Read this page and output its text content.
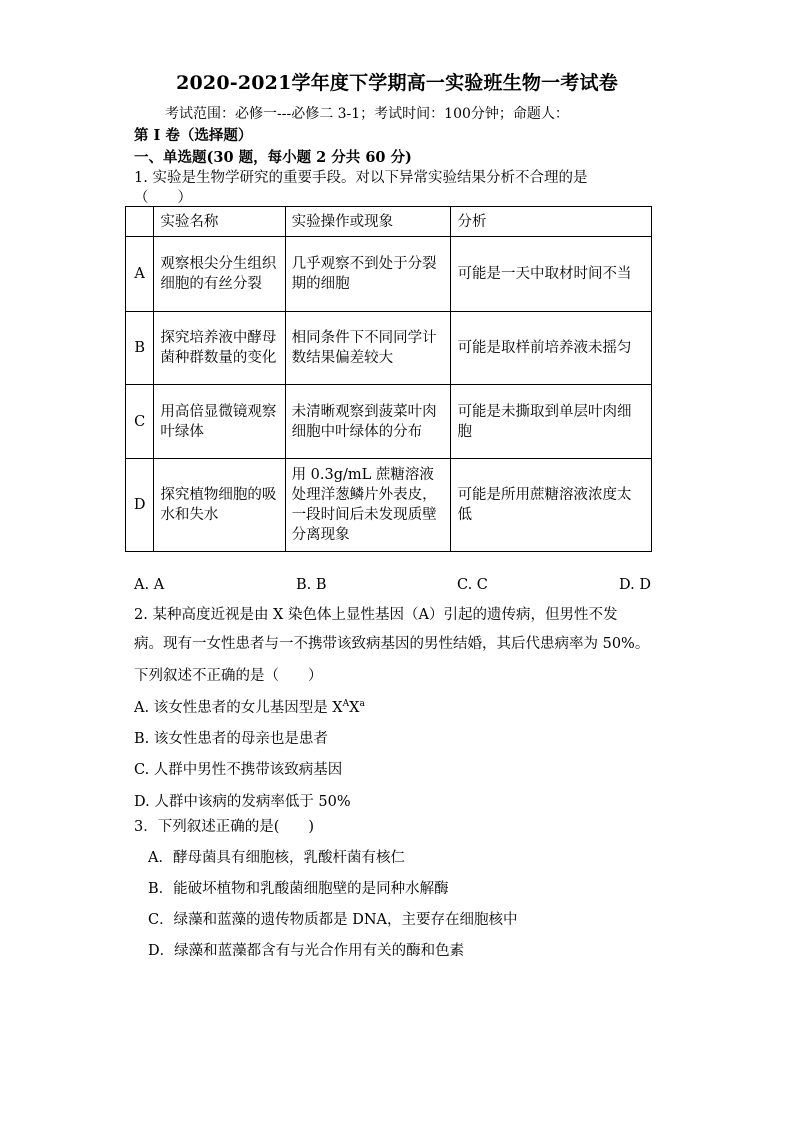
2020-2021学年度下学期高一实验班生物一考试卷
考试范围：必修一---必修二 3-1；考试时间：100分钟；命题人：
第 I 卷（选择题）
一、单选题(30 题，每小题 2 分共 60 分)
1. 实验是生物学研究的重要手段。对以下异常实验结果分析不合理的是
（　　）
	实验名称	实验操作或现象	分析
A	观察根尖分生组织细胞的有丝分裂	几乎观察不到处于分裂期的细胞	可能是一天中取材时间不当
B	探究培养液中酵母菌种群数量的变化	相同条件下不同同学计数结果偏差较大	可能是取样前培养液未摇匀
C	用高倍显微镜观察叶绿体	未清晰观察到菠菜叶肉细胞中叶绿体的分布	可能是未撕取到单层叶肉细胞
D	探究植物细胞的吸水和失水	用 0.3g/mL 蔗糖溶液处理洋葱鳞片外表皮，一段时间后未发现质壁分离现象	可能是所用蔗糖溶液浓度太低
A. A	B. B	C. C	D. D
2. 某种高度近视是由 X 染色体上显性基因（A）引起的遗传病，但男性不发
病。现有一女性患者与一不携带该致病基因的男性结婚，其后代患病率为 50%。
下列叙述不正确的是（　　）
A. 该女性患者的女儿基因型是 $X^AX^a$
B. 该女性患者的母亲也是患者
C. 人群中男性不携带该致病基因
D. 人群中该病的发病率低于 50%
3．下列叙述正确的是(　　)
A．酵母菌具有细胞核，乳酸杆菌有核仁
B．能破坏植物和乳酸菌细胞壁的是同种水解酶
C．绿藻和蓝藻的遗传物质都是 DNA，主要存在细胞核中
D．绿藻和蓝藻都含有与光合作用有关的酶和色素
